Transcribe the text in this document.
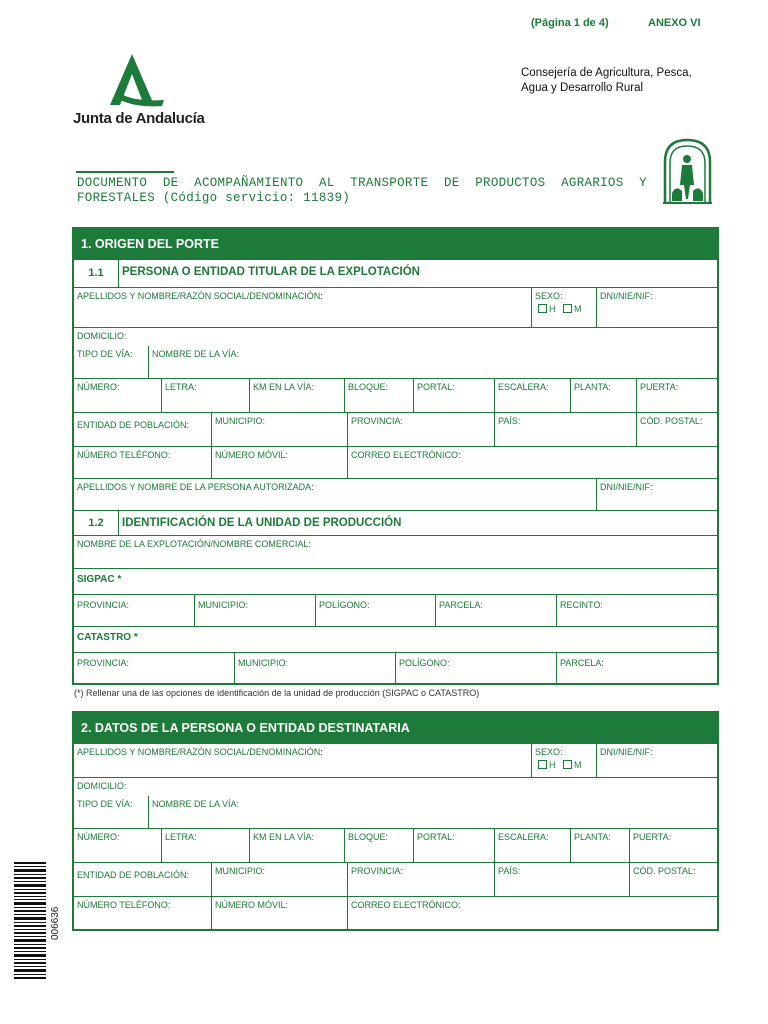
(Página 1 de 4)	ANEXO VI
Junta de Andalucía
Consejería de Agricultura, Pesca,
Agua y Desarrollo Rural
DOCUMENTO DE ACOMPAÑAMIENTO AL TRANSPORTE DE PRODUCTOS AGRARIOS Y FORESTALES (Código servicio: 11839)
1. ORIGEN DEL PORTE
1.1	PERSONA O ENTIDAD TITULAR DE LA EXPLOTACIÓN
APELLIDOS Y NOMBRE/RAZÓN SOCIAL/DENOMINACIÓN:	SEXO:
H M
DNI/NIE/NIF:
DOMICILIO:
TIPO DE VÍA:	NOMBRE DE LA VÍA:
NÚMERO:	LETRA:	KM EN LA VÍA:	BLOQUE:	PORTAL:	ESCALERA:	PLANTA:	PUERTA:
ENTIDAD DE POBLACIÓN:	MUNICIPIO:	PROVINCIA:	PAÍS:	CÓD. POSTAL:
NÚMERO TELÉFONO:	NÚMERO MÓVIL:	CORREO ELECTRÓNICO:
APELLIDOS Y NOMBRE DE LA PERSONA AUTORIZADA:	DNI/NIE/NIF:
1.2	IDENTIFICACIÓN DE LA UNIDAD DE PRODUCCIÓN
NOMBRE DE LA EXPLOTACIÓN/NOMBRE COMERCIAL:
SIGPAC *
PROVINCIA:	MUNICIPIO:	POLÍGONO:	PARCELA:	RECINTO:
CATASTRO *
PROVINCIA:	MUNICIPIO:	POLÍGONO:	PARCELA:
(*) Rellenar una de las opciones de identificación de la unidad de producción (SIGPAC o CATASTRO)
2. DATOS DE LA PERSONA O ENTIDAD DESTINATARIA
APELLIDOS Y NOMBRE/RAZÓN SOCIAL/DENOMINACIÓN:	SEXO:
H M
DNI/NIE/NIF:
DOMICILIO:
TIPO DE VÍA:	NOMBRE DE LA VÍA:
NÚMERO:	LETRA:	KM EN LA VÍA:	BLOQUE:	PORTAL:	ESCALERA:	PLANTA:	PUERTA:
ENTIDAD DE POBLACIÓN:	MUNICIPIO:	PROVINCIA:	PAÍS:	CÓD. POSTAL:
NÚMERO TELÉFONO:	NÚMERO MÓVIL:	CORREO ELECTRÓNICO:
006636
